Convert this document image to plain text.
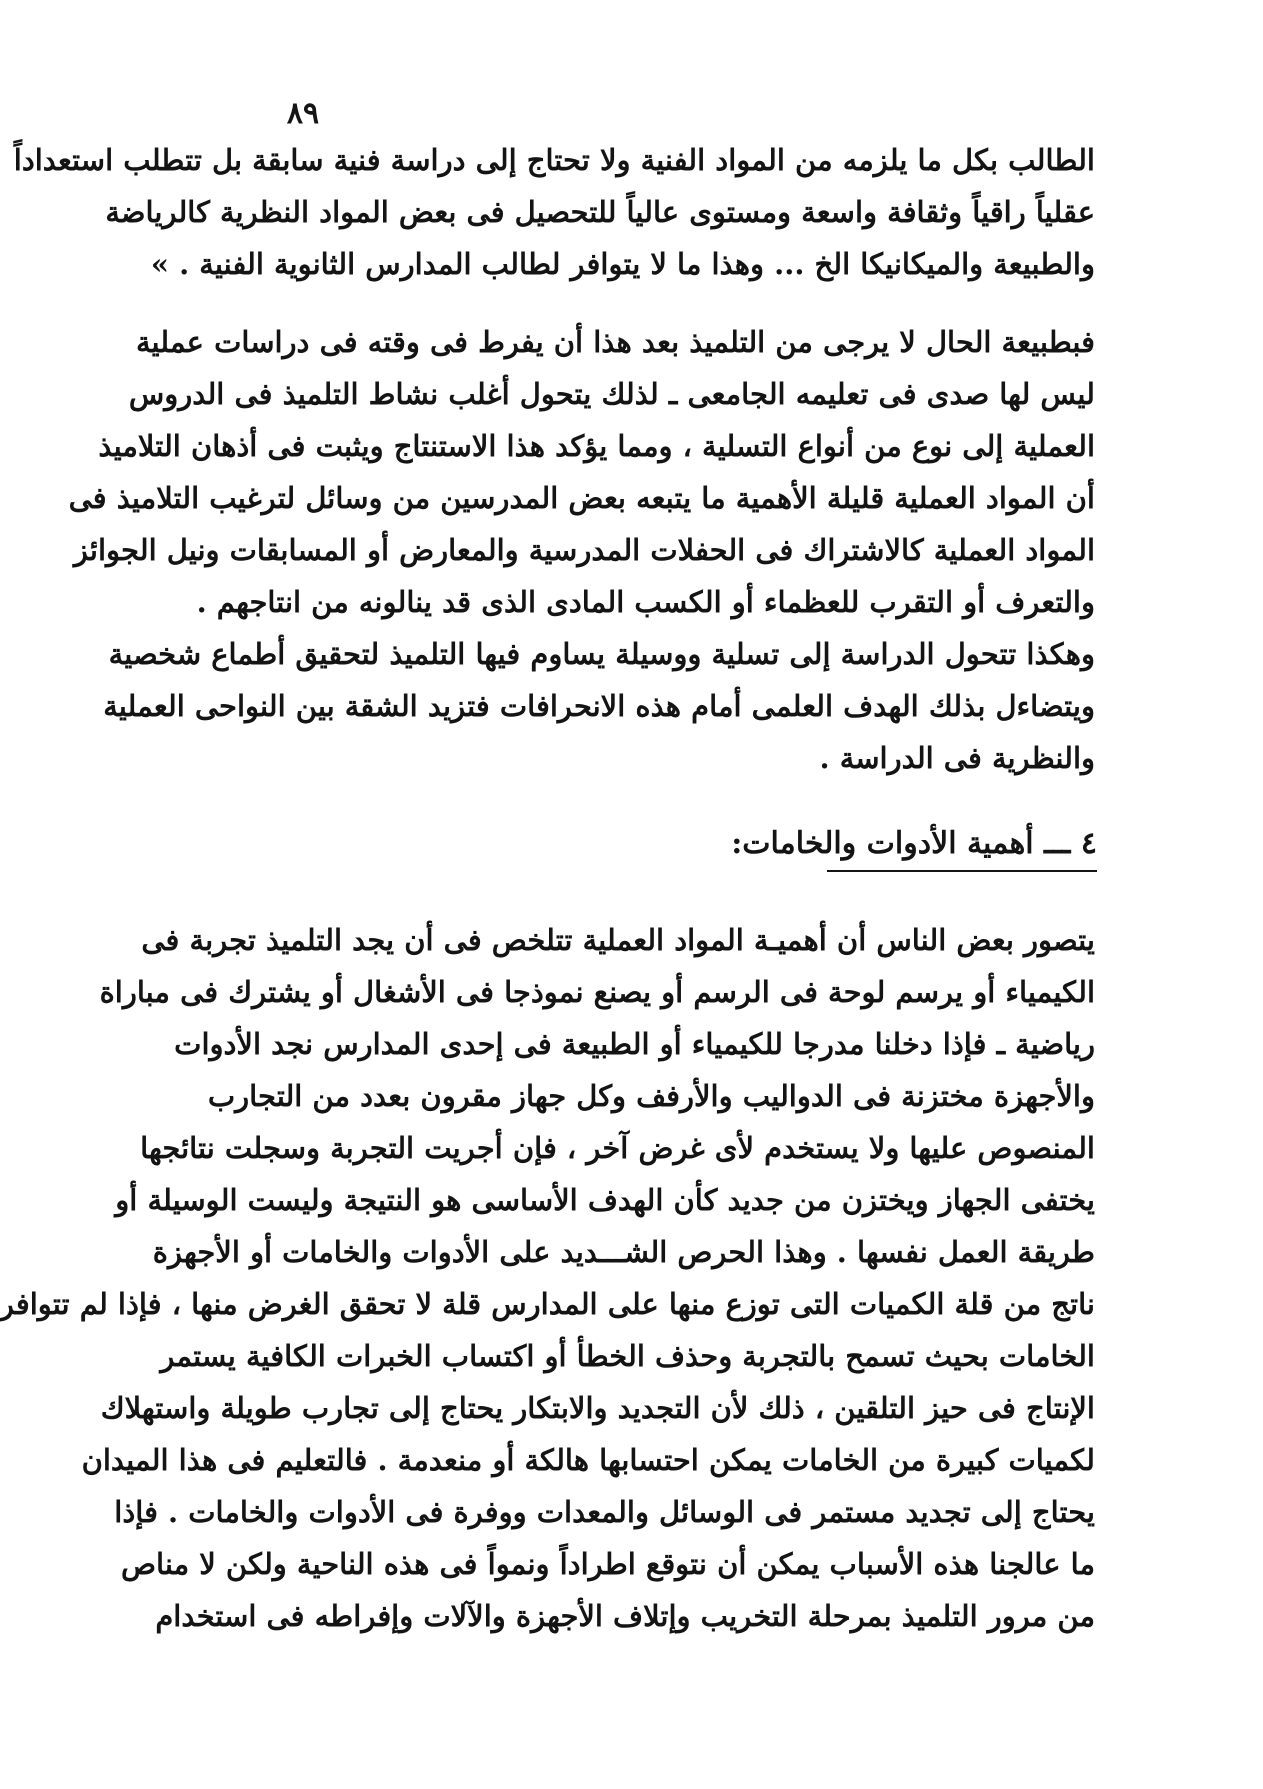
٨٩
الطالب بكل ما يلزمه من المواد الفنية ولا تحتاج إلى دراسة فنية سابقة بل تتطلب استعداداً
عقلياً راقياً وثقافة واسعة ومستوى عالياً للتحصيل فى بعض المواد النظرية كالرياضة
والطبيعة والميكانيكا الخ ... وهذا ما لا يتوافر لطالب المدارس الثانوية الفنية . »
فبطبيعة الحال لا يرجى من التلميذ بعد هذا أن يفرط فى وقته فى دراسات عملية
ليس لها صدى فى تعليمه الجامعى ـ لذلك يتحول أغلب نشاط التلميذ فى الدروس
العملية إلى نوع من أنواع التسلية ، ومما يؤكد هذا الاستنتاج ويثبت فى أذهان التلاميذ
أن المواد العملية قليلة الأهمية ما يتبعه بعض المدرسين من وسائل لترغيب التلاميذ فى
المواد العملية كالاشتراك فى الحفلات المدرسية والمعارض أو المسابقات ونيل الجوائز
والتعرف أو التقرب للعظماء أو الكسب المادى الذى قد ينالونه من انتاجهم .
وهكذا تتحول الدراسة إلى تسلية ووسيلة يساوم فيها التلميذ لتحقيق أطماع شخصية
ويتضاءل بذلك الهدف العلمى أمام هذه الانحرافات فتزيد الشقة بين النواحى العملية
والنظرية فى الدراسة .
٤ ـــ أهمية الأدوات والخامات:
يتصور بعض الناس أن أهميـة المواد العملية تتلخص فى أن يجد التلميذ تجربة فى
الكيمياء أو يرسم لوحة فى الرسم أو يصنع نموذجا فى الأشغال أو يشترك فى مباراة
رياضية ـ فإذا دخلنا مدرجا للكيمياء أو الطبيعة فى إحدى المدارس نجد الأدوات
والأجهزة مختزنة فى الدواليب والأرفف وكل جهاز مقرون بعدد من التجارب
المنصوص عليها ولا يستخدم لأى غرض آخر ، فإن أجريت التجربة وسجلت نتائجها
يختفى الجهاز ويختزن من جديد كأن الهدف الأساسى هو النتيجة وليست الوسيلة أو
طريقة العمل نفسها . وهذا الحرص الشـــديد على الأدوات والخامات أو الأجهزة
ناتج من قلة الكميات التى توزع منها على المدارس قلة لا تحقق الغرض منها ، فإذا لم تتوافر
الخامات بحيث تسمح بالتجربة وحذف الخطأ أو اكتساب الخبرات الكافية يستمر
الإنتاج فى حيز التلقين ، ذلك لأن التجديد والابتكار يحتاج إلى تجارب طويلة واستهلاك
لكميات كبيرة من الخامات يمكن احتسابها هالكة أو منعدمة . فالتعليم فى هذا الميدان
يحتاج إلى تجديد مستمر فى الوسائل والمعدات ووفرة فى الأدوات والخامات . فإذا
ما عالجنا هذه الأسباب يمكن أن نتوقع اطراداً ونمواً فى هذه الناحية ولكن لا مناص
من مرور التلميذ بمرحلة التخريب وإتلاف الأجهزة والآلات وإفراطه فى استخدام
